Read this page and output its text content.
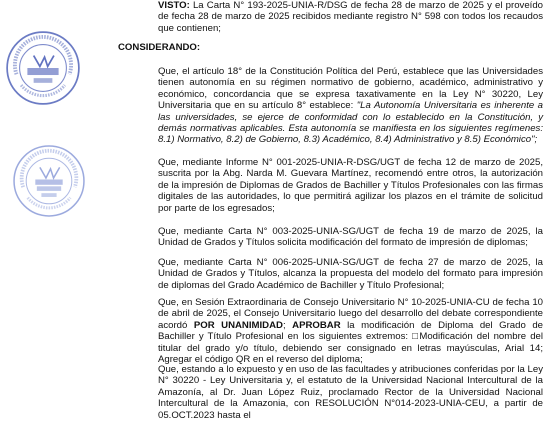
VISTO: La Carta N° 193-2025-UNIA-R/DSG de fecha 28 de marzo de 2025 y el proveído de fecha 28 de marzo de 2025 recibidos mediante registro N° 598 con todos los recaudos que contienen;

CONSIDERANDO:

Que, el artículo 18° de la Constitución Política del Perú, establece que las Universidades tienen autonomía en su régimen normativo de gobierno, académico, administrativo y económico, concordancia que se expresa taxativamente en la Ley N° 30220, Ley Universitaria que en su artículo 8° establece: "La Autonomía Universitaria es inherente a las universidades, se ejerce de conformidad con lo establecido en la Constitución, y demás normativas aplicables. Esta autonomía se manifiesta en los siguientes regímenes: 8.1) Normativo, 8.2) de Gobierno, 8.3) Académico, 8.4) Administrativo y 8.5) Económico";

Que, mediante Informe N° 001-2025-UNIA-R-DSG/UGT de fecha 12 de marzo de 2025, suscrita por la Abg. Narda M. Guevara Martínez, recomendó entre otros, la autorización de la impresión de Diplomas de Grados de Bachiller y Títulos Profesionales con las firmas digitales de las autoridades, lo que permitirá agilizar los plazos en el trámite de solicitud por parte de los egresados;

Que, mediante Carta N° 003-2025-UNIA-SG/UGT de fecha 19 de marzo de 2025, la Unidad de Grados y Títulos solicita modificación del formato de impresión de diplomas;

Que, mediante Carta N° 006-2025-UNIA-SG/UGT de fecha 27 de marzo de 2025, la Unidad de Grados y Títulos, alcanza la propuesta del modelo del formato para impresión de diplomas del Grado Académico de Bachiller y Título Profesional;

Que, en Sesión Extraordinaria de Consejo Universitario N° 10-2025-UNIA-CU de fecha 10 de abril de 2025, el Consejo Universitario luego del desarrollo del debate correspondiente acordó POR UNANIMIDAD; APROBAR la modificación de Diploma del Grado de Bachiller y Título Profesional en los siguientes extremos: □Modificación del nombre del titular del grado y/o título, debiendo ser consignado en letras mayúsculas, Arial 14; Agregar el código QR en el reverso del diploma;

Que, estando a lo expuesto y en uso de las facultades y atribuciones conferidas por la Ley N° 30220 - Ley Universitaria y, el estatuto de la Universidad Nacional Intercultural de la Amazonía, al Dr. Juan López Ruiz, proclamado Rector de la Universidad Nacional Intercultural de la Amazonia, con RESOLUCIÓN N°014-2023-UNIA-CEU, a partir de 05.OCT.2023 hasta el
